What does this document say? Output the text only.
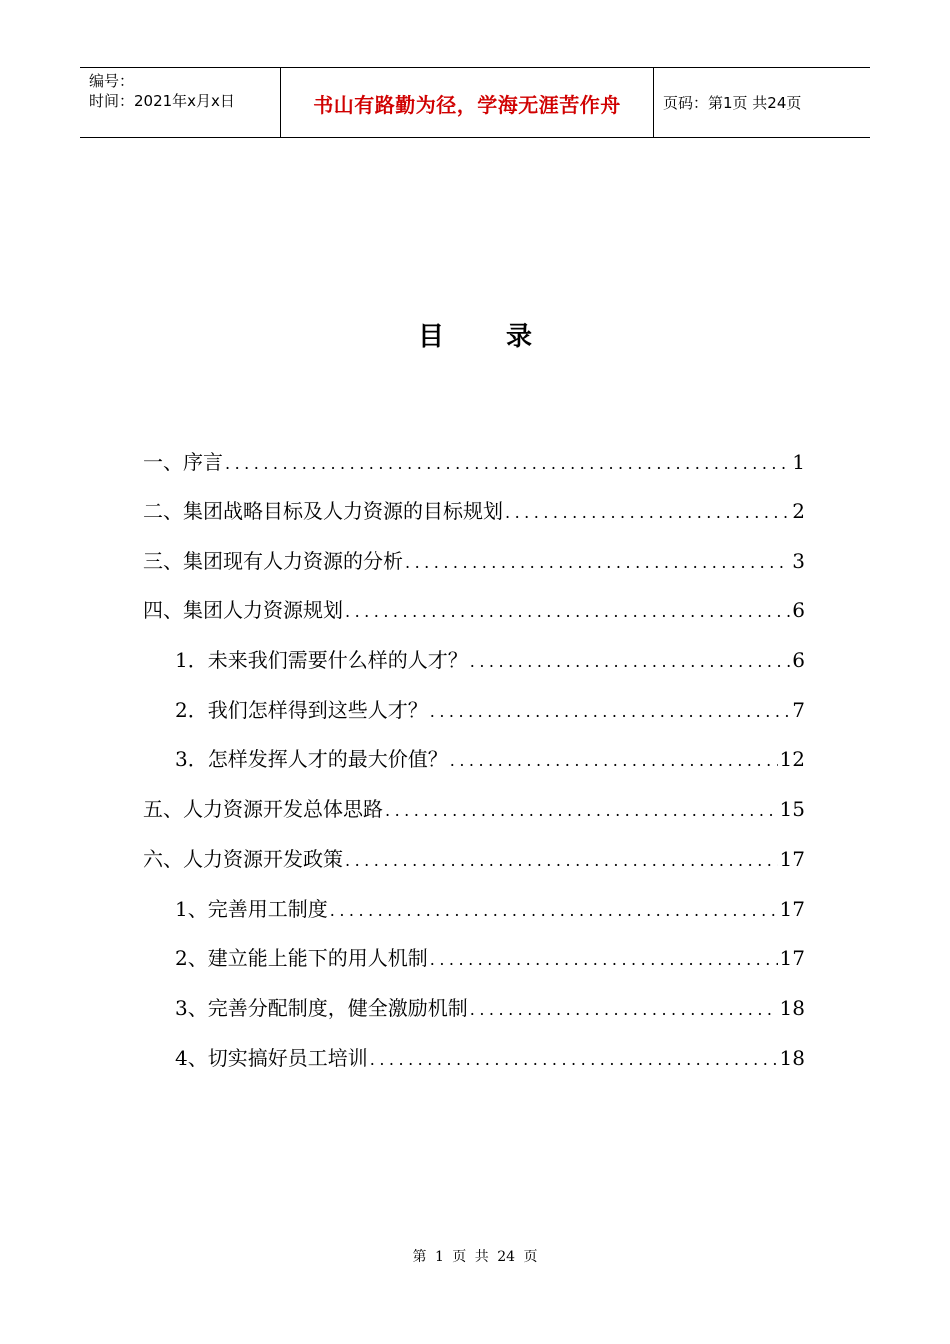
编号：
时间：2021年x月x日	书山有路勤为径，学海无涯苦作舟	页码：第1页 共24页
目 录
一、序言 .....	1
二、集团战略目标及人力资源的目标规划 .....	2
三、集团现有人力资源的分析 .....	3
四、集团人力资源规划 .....	6
1．未来我们需要什么样的人才？ .....	6
2．我们怎样得到这些人才？ .....	7
3．怎样发挥人才的最大价值？ .....	12
五、人力资源开发总体思路 .....	15
六、人力资源开发政策 .....	17
1、完善用工制度 .....	17
2、建立能上能下的用人机制 .....	17
3、完善分配制度，健全激励机制 .....	18
4、切实搞好员工培训 .....	18
第 1 页 共 24 页
